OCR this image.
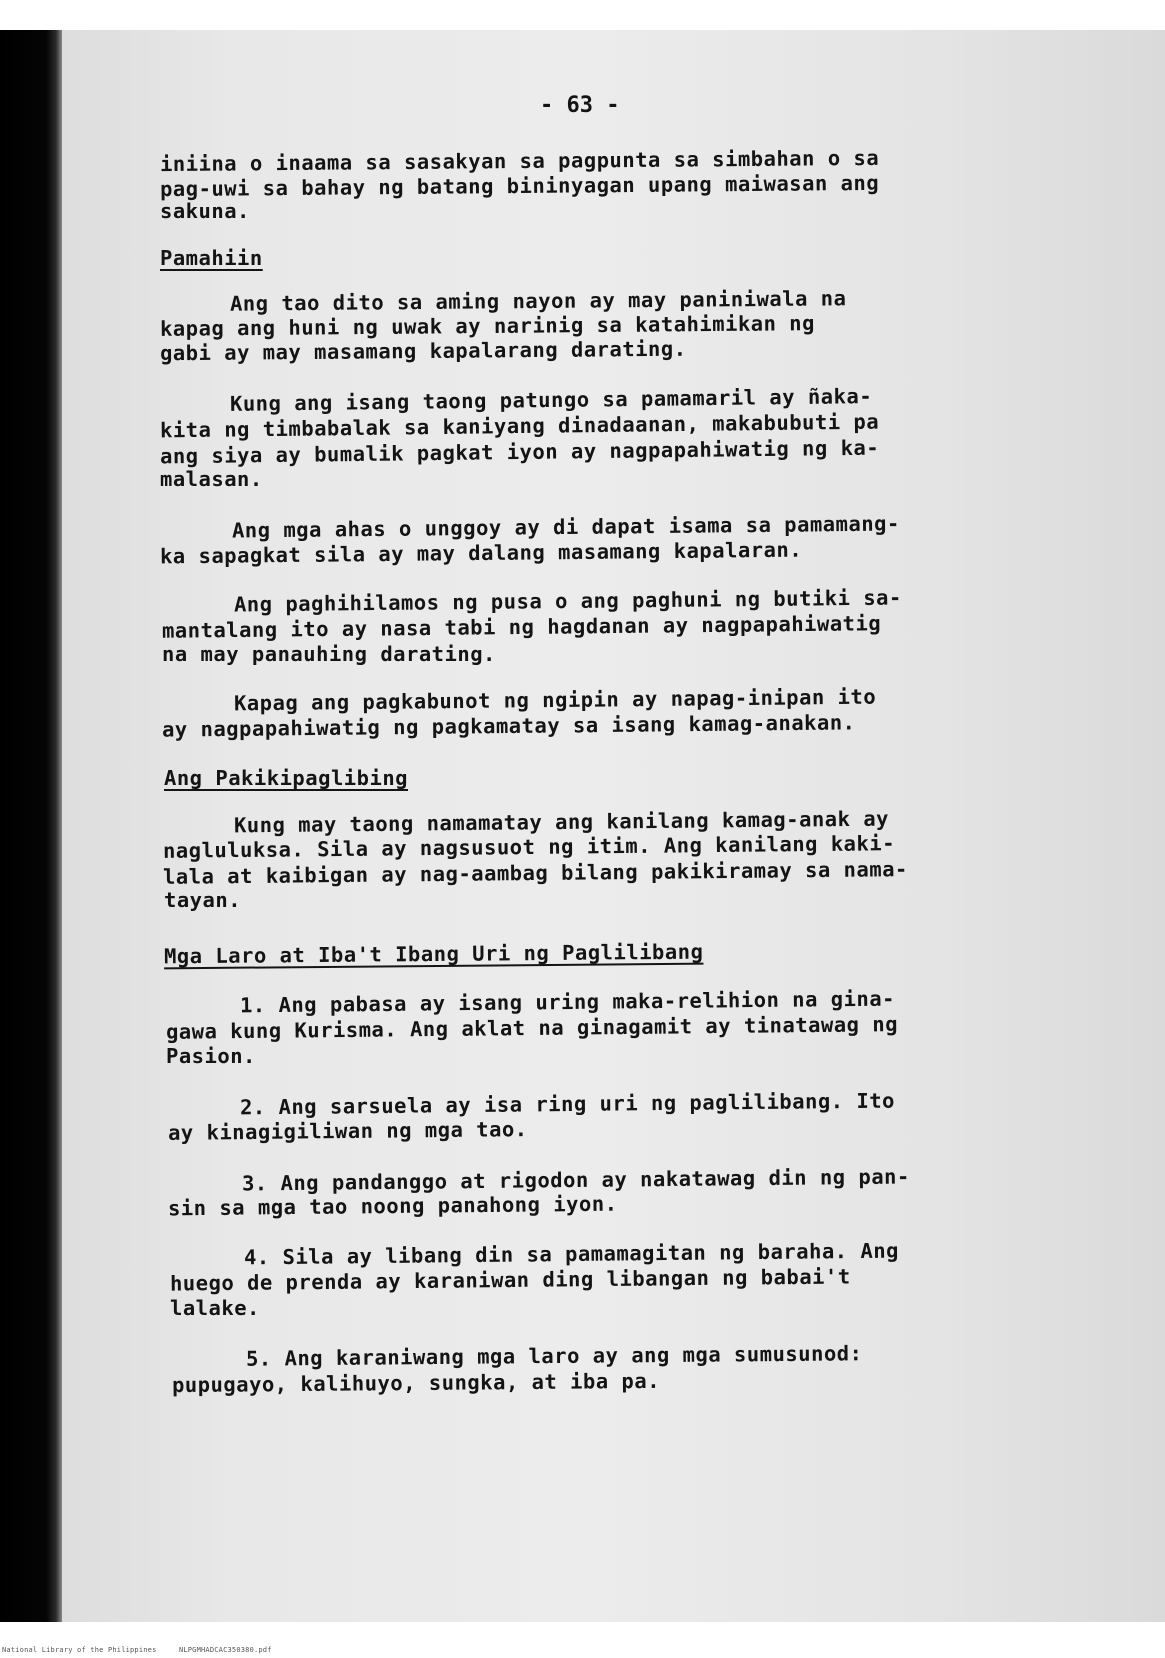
- 63 -
iniina o inaama sa sasakyan sa pagpunta sa simbahan o sa
pag-uwi sa bahay ng batang bininyagan upang maiwasan ang
sakuna.
Pamahiin
Ang tao dito sa aming nayon ay may paniniwala na
kapag ang huni ng uwak ay narinig sa katahimikan ng
gabi ay may masamang kapalarang darating.
Kung ang isang taong patungo sa pamamaril ay ñaka-
kita ng timbabalak sa kaniyang dinadaanan, makabubuti pa
ang siya ay bumalik pagkat iyon ay nagpapahiwatig ng ka-
malasan.
Ang mga ahas o unggoy ay di dapat isama sa pamamang-
ka sapagkat sila ay may dalang masamang kapalaran.
Ang paghihilamos ng pusa o ang paghuni ng butiki sa-
mantalang ito ay nasa tabi ng hagdanan ay nagpapahiwatig
na may panauhing darating.
Kapag ang pagkabunot ng ngipin ay napag-inipan ito
ay nagpapahiwatig ng pagkamatay sa isang kamag-anakan.
Ang Pakikipaglibing
Kung may taong namamatay ang kanilang kamag-anak ay
nagluluksa. Sila ay nagsusuot ng itim. Ang kanilang kaki-
lala at kaibigan ay nag-aambag bilang pakikiramay sa nama-
tayan.
Mga Laro at Iba't Ibang Uri ng Paglilibang
1. Ang pabasa ay isang uring maka-relihion na gina-
gawa kung Kurisma. Ang aklat na ginagamit ay tinatawag ng
Pasion.
2. Ang sarsuela ay isa ring uri ng paglilibang. Ito
ay kinagigiliwan ng mga tao.
3. Ang pandanggo at rigodon ay nakatawag din ng pan-
sin sa mga tao noong panahong iyon.
4. Sila ay libang din sa pamamagitan ng baraha. Ang
huego de prenda ay karaniwan ding libangan ng babai't
lalake.
5. Ang karaniwang mga laro ay ang mga sumusunod:
pupugayo, kalihuyo, sungka, at iba pa.
National Library of the Philippines	NLPGMHADCAC350380.pdf
